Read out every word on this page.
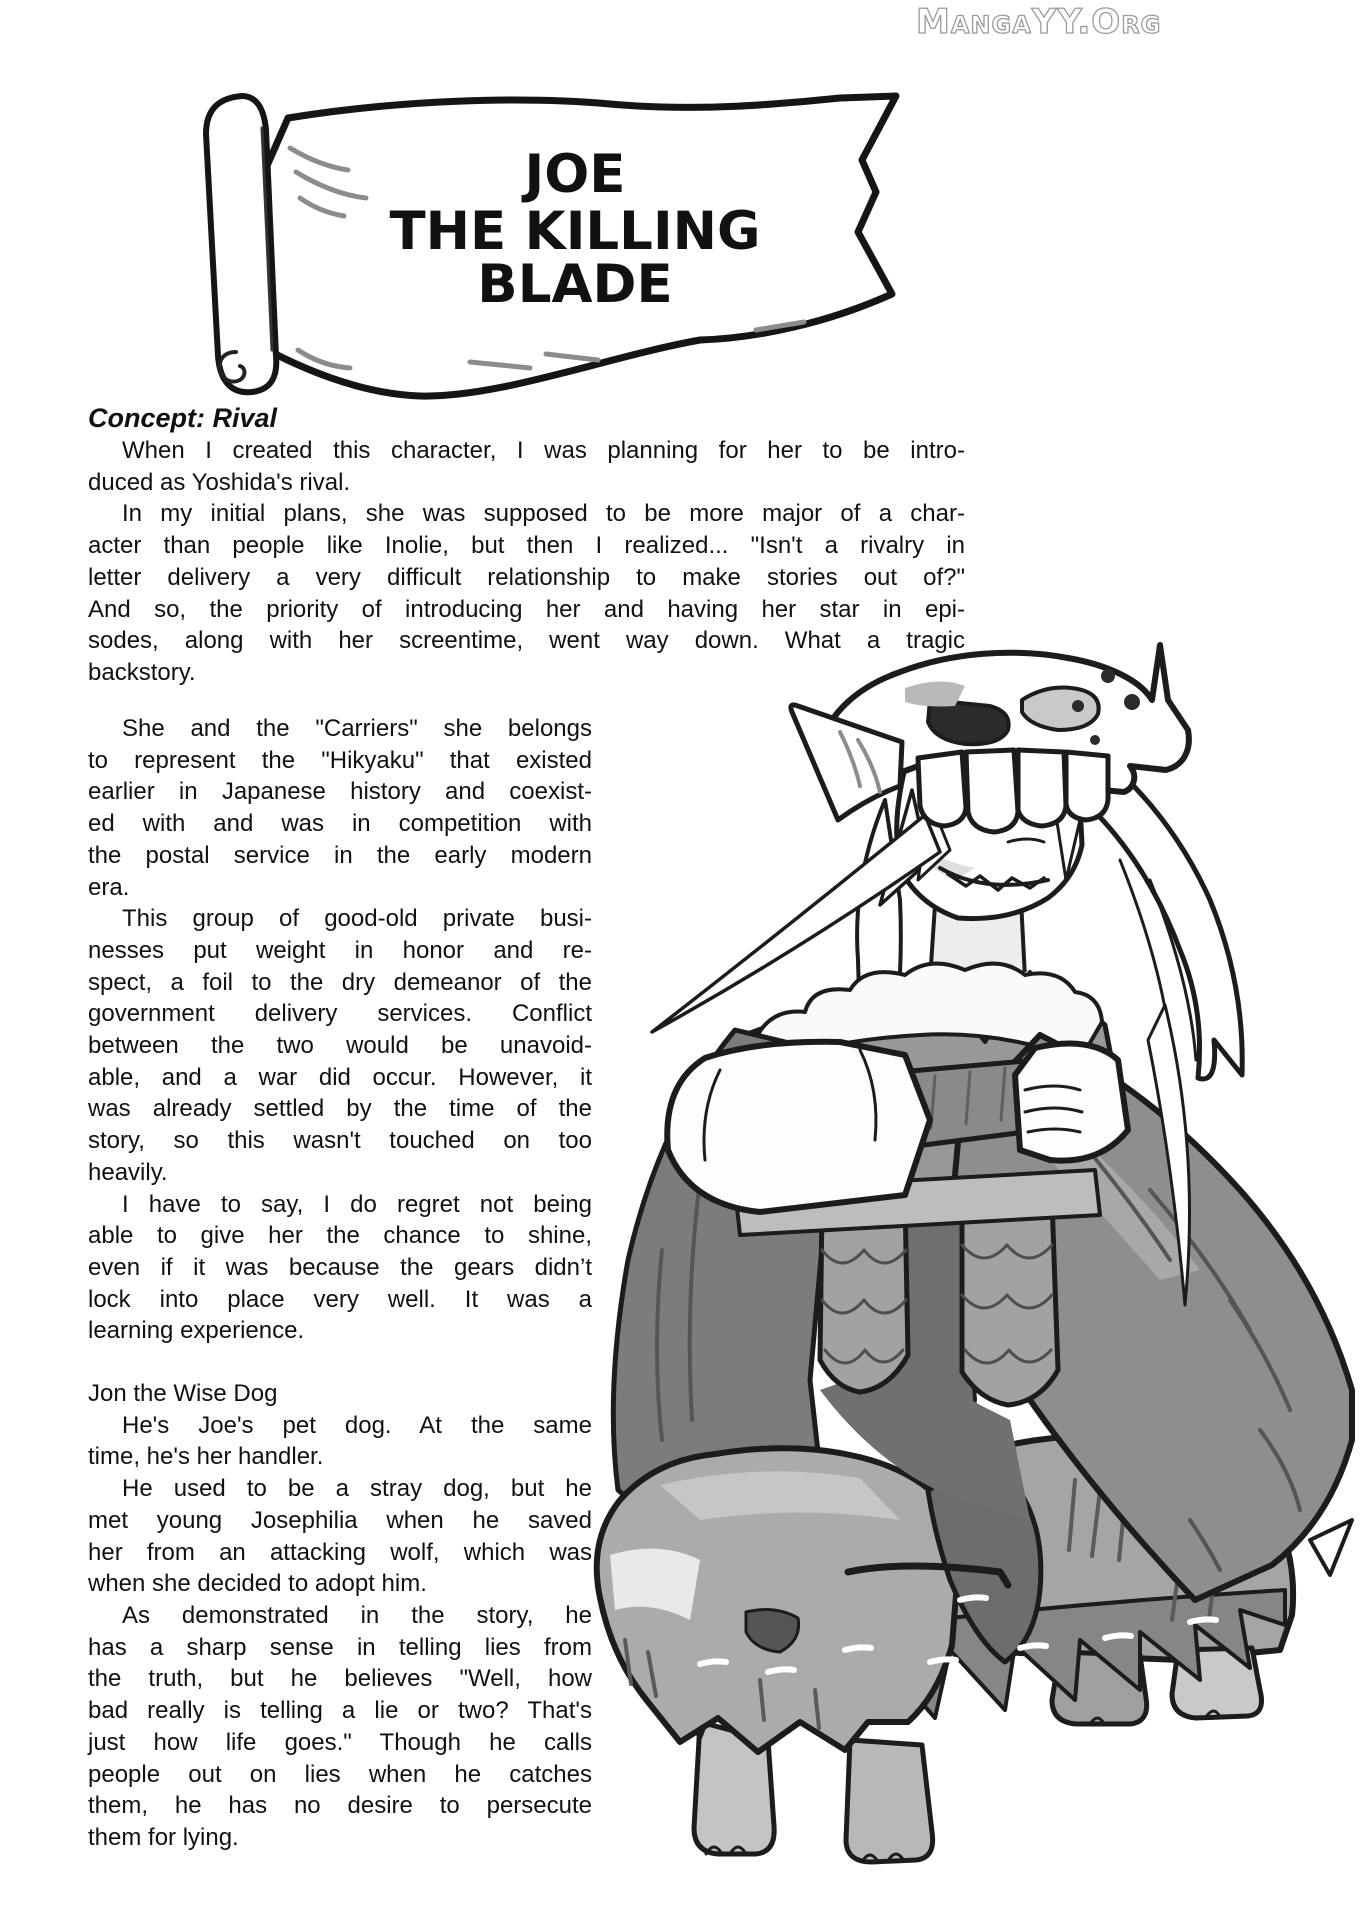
MangaYY.Org
JOE
THE KILLING
BLADE
Concept: Rival
When I created this character, I was planning for her to be intro-
duced as Yoshida's rival.
In my initial plans, she was supposed to be more major of a char-
acter than people like Inolie, but then I realized... "Isn't a rivalry in
letter delivery a very difficult relationship to make stories out of?"
And so, the priority of introducing her and having her star in epi-
sodes, along with her screentime, went way down. What a tragic
backstory.
She and the "Carriers" she belongs
to represent the "Hikyaku" that existed
earlier in Japanese history and coexist-
ed with and was in competition with
the postal service in the early modern
era.
This group of good-old private busi-
nesses put weight in honor and re-
spect, a foil to the dry demeanor of the
government delivery services. Conflict
between the two would be unavoid-
able, and a war did occur. However, it
was already settled by the time of the
story, so this wasn't touched on too
heavily.
I have to say, I do regret not being
able to give her the chance to shine,
even if it was because the gears didn’t
lock into place very well. It was a
learning experience.
Jon the Wise Dog
He's Joe's pet dog. At the same
time, he's her handler.
He used to be a stray dog, but he
met young Josephilia when he saved
her from an attacking wolf, which was
when she decided to adopt him.
As demonstrated in the story, he
has a sharp sense in telling lies from
the truth, but he believes "Well, how
bad really is telling a lie or two? That's
just how life goes." Though he calls
people out on lies when he catches
them, he has no desire to persecute
them for lying.
